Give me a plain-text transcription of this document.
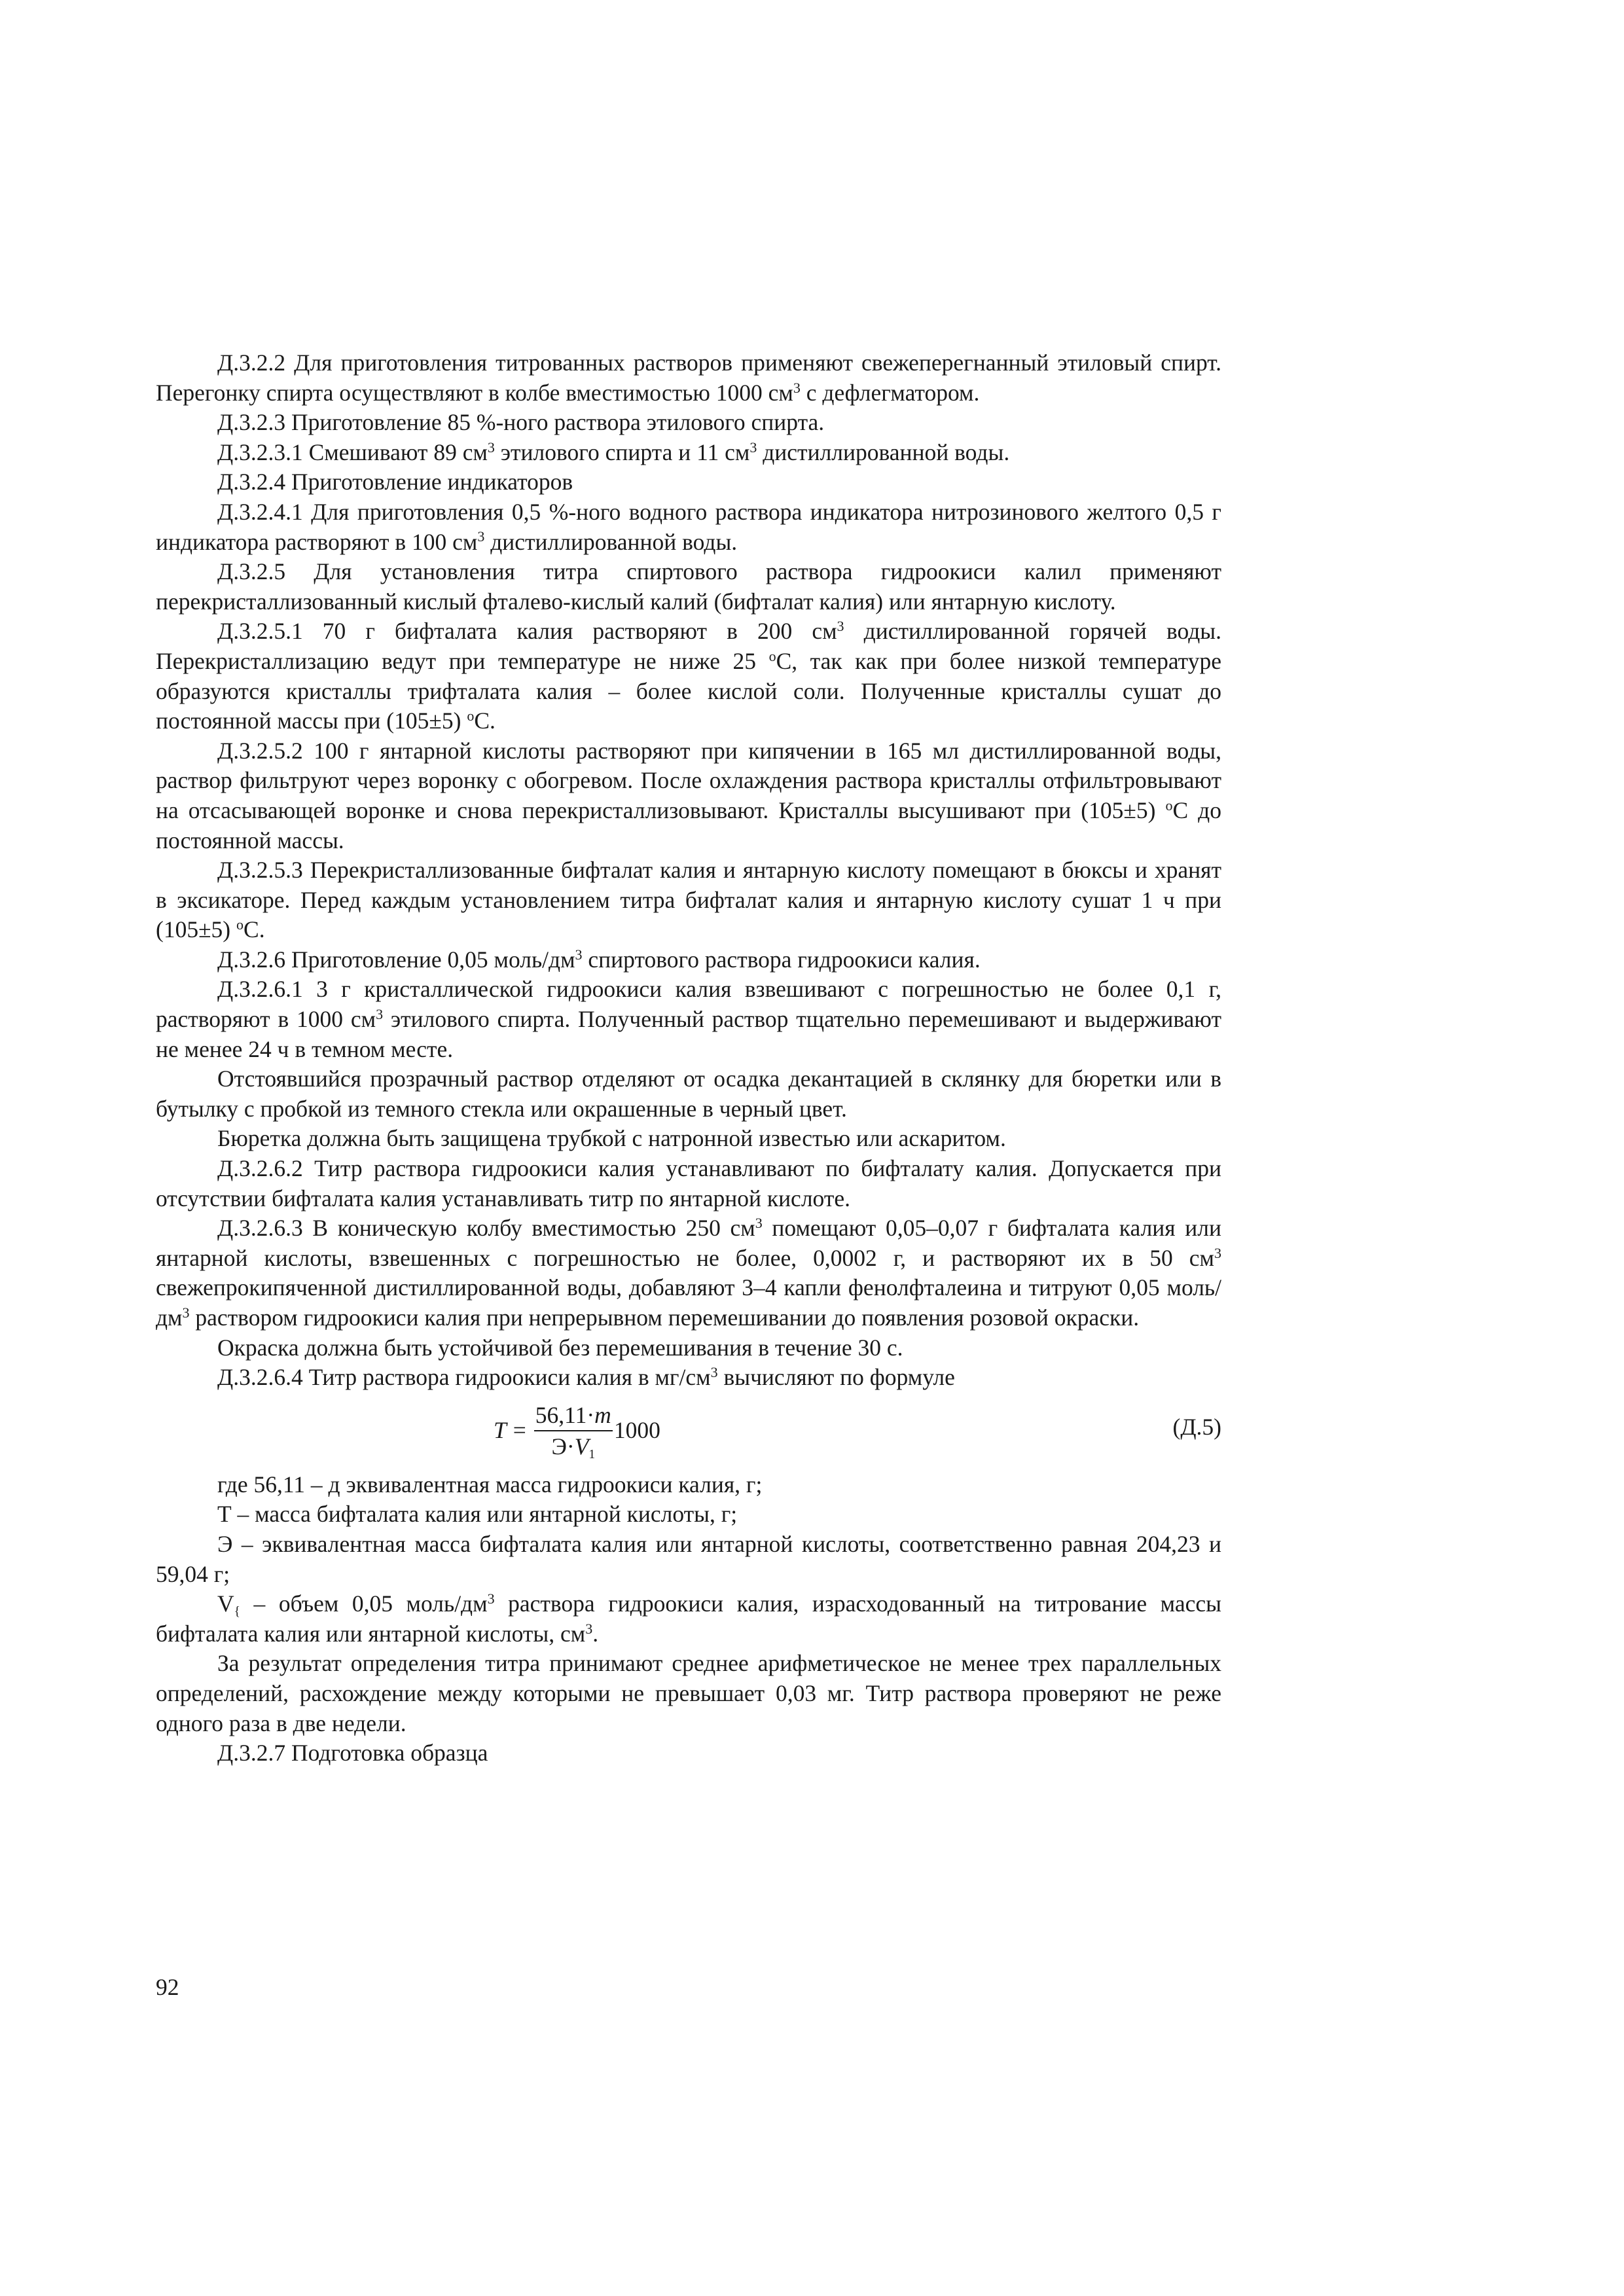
Д.3.2.2 Для приготовления титрованных растворов применяют свежеперегнанный этиловый спирт. Перегонку спирта осуществляют в колбе вместимостью 1000 $см^3$ с дефлегматором.

Д.3.2.3 Приготовление 85 %-ного раствора этилового спирта.

Д.3.2.3.1 Смешивают 89 $см^3$ этилового спирта и 11 $см^3$ дистиллированной воды.

Д.3.2.4 Приготовление индикаторов

Д.3.2.4.1 Для приготовления 0,5 %-ного водного раствора индикатора нитрозинового желтого 0,5 г индикатора растворяют в 100 $см^3$ дистиллированной воды.

Д.3.2.5 Для установления титра спиртового раствора гидроокиси калил применяют перекристаллизованный кислый фталево-кислый калий (бифталат калия) или янтарную кислоту.

Д.3.2.5.1 70 г бифталата калия растворяют в 200 $см^3$ дистиллированной горячей воды. Перекристаллизацию ведут при температуре не ниже 25 $^о$С, так как при более низкой температуре образуются кристаллы трифталата калия – более кислой соли. Полученные кристаллы сушат до постоянной массы при (105±5) $^о$С.

Д.3.2.5.2 100 г янтарной кислоты растворяют при кипячении в 165 мл дистиллированной воды, раствор фильтруют через воронку с обогревом. После охлаждения раствора кристаллы отфильтровывают на отсасывающей воронке и снова перекристаллизовывают. Кристаллы высушивают при (105±5) $^о$С до постоянной массы.

Д.3.2.5.3 Перекристаллизованные бифталат калия и янтарную кислоту помещают в бюксы и хранят в эксикаторе. Перед каждым установлением титра бифталат калия и янтарную кислоту сушат 1 ч при (105±5) $^о$С.

Д.3.2.6 Приготовление 0,05 моль/$дм^3$ спиртового раствора гидроокиси калия.

Д.3.2.6.1 3 г кристаллической гидроокиси калия взвешивают с погрешностью не более 0,1 г, растворяют в 1000 $см^3$ этилового спирта. Полученный раствор тщательно перемешивают и выдерживают не менее 24 ч в темном месте.

Отстоявшийся прозрачный раствор отделяют от осадка декантацией в склянку для бюретки или в бутылку с пробкой из темного стекла или окрашенные в черный цвет.

Бюретка должна быть защищена трубкой с натронной известью или аскаритом.

Д.3.2.6.2 Титр раствора гидроокиси калия устанавливают по бифталату калия. Допускается при отсутствии бифталата калия устанавливать титр по янтарной кислоте.

Д.3.2.6.3 В коническую колбу вместимостью 250 $см^3$ помещают 0,05–0,07 г бифталата калия или янтарной кислоты, взвешенных с погрешностью не более, 0,0002 г, и растворяют их в 50 $см^3$ свежепрокипяченной дистиллированной воды, добавляют 3–4 капли фенолфталеина и титруют 0,05 моль/$дм^3$ раствором гидроокиси калия при непрерывном перемешивании до появления розовой окраски.

Окраска должна быть устойчивой без перемешивания в течение 30 с.

Д.3.2.6.4 Титр раствора гидроокиси калия в $мг/см^3$ вычисляют по формуле

$T = \frac{56,11\cdot m}{Э\cdot V_1} 1000$	(Д.5)

где 56,11 – д эквивалентная масса гидроокиси калия, г;

Т – масса бифталата калия или янтарной кислоты, г;

Э – эквивалентная масса бифталата калия или янтарной кислоты, соответственно равная 204,23 и 59,04 г;

$V_{\{}$ – объем 0,05 моль/$дм^3$ раствора гидроокиси калия, израсходованный на титрование массы бифталата калия или янтарной кислоты, $см^3$.

За результат определения титра принимают среднее арифметическое не менее трех параллельных определений, расхождение между которыми не превышает 0,03 мг. Титр раствора проверяют не реже одного раза в две недели.

Д.3.2.7 Подготовка образца

92
